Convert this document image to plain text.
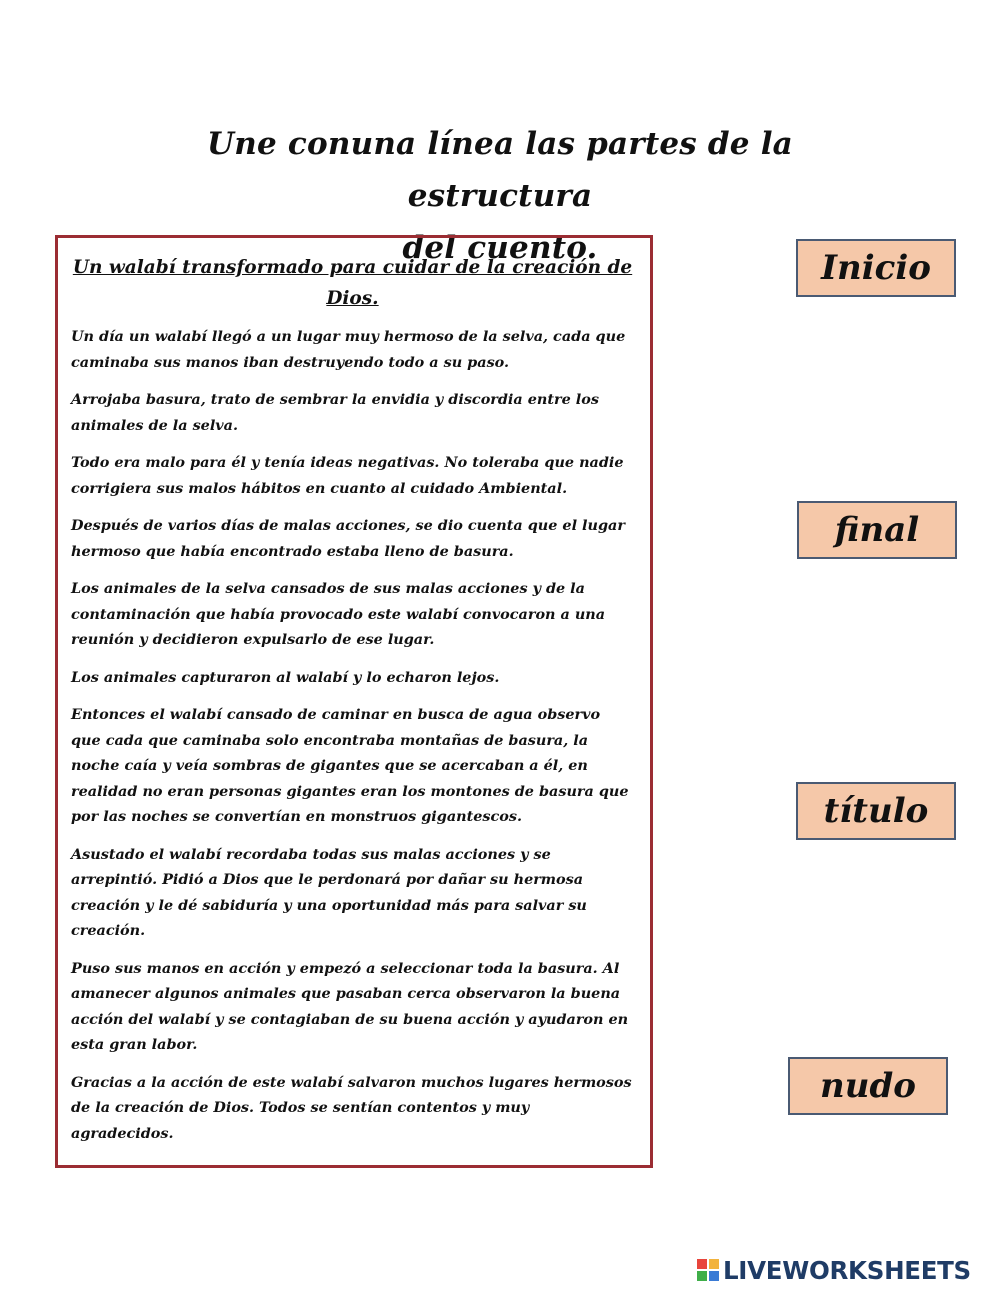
Une conuna línea las partes de la estructura
del cuento.
Un walabí transformado para cuidar de la creación de Dios.

Un día un walabí llegó a un lugar muy hermoso de la selva, cada que caminaba sus manos iban destruyendo todo a su paso.

Arrojaba basura, trato de sembrar la envidia y discordia entre los animales de la selva.

Todo era malo para él y tenía ideas negativas. No toleraba que nadie corrigiera sus malos hábitos en cuanto al cuidado Ambiental.

Después de varios días de malas acciones, se dio cuenta que el lugar hermoso que había encontrado estaba lleno de basura.

Los animales de la selva cansados de sus malas acciones y de la contaminación que había provocado este walabí convocaron a una reunión y decidieron expulsarlo de ese lugar.

Los animales capturaron al walabí y lo echaron lejos.

Entonces el walabí cansado de caminar en busca de agua observo que cada que caminaba solo encontraba montañas de basura, la noche caía y veía sombras de gigantes que se acercaban a él, en realidad no eran personas gigantes eran los montones de basura que por las noches se convertían en monstruos gigantescos.

Asustado el walabí recordaba todas sus malas acciones y se arrepintió. Pidió a Dios que le perdonará por dañar su hermosa creación y le dé sabiduría y una oportunidad más para salvar su creación.

Puso sus manos en acción y empezó a seleccionar toda la basura. Al amanecer algunos animales que pasaban cerca observaron la buena acción del walabí y se contagiaban de su buena acción y ayudaron en esta gran labor.

Gracias a la acción de este walabí salvaron muchos lugares hermosos de la creación de Dios. Todos se sentían contentos y muy agradecidos.

Inicio
final
título
nudo
LIVEWORKSHEETS
